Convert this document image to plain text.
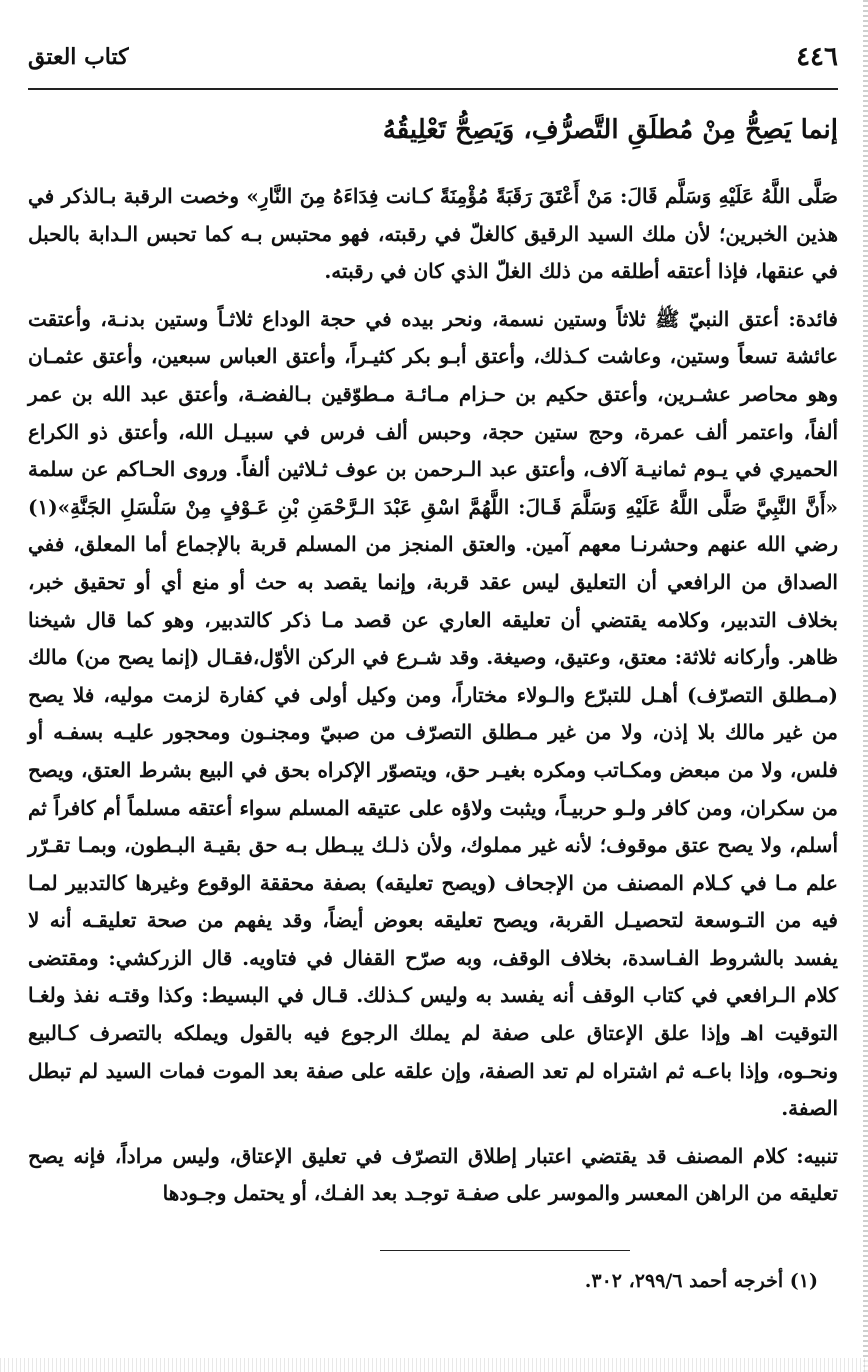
٤٤٦
كتاب العتق
إنما يَصِحُّ مِنْ مُطلَقِ التَّصرُّفِ، وَيَصِحُّ تَعْلِيقُهُ

صَلَّى اللَّهُ عَلَيْهِ وَسَلَّم قَالَ: مَنْ أَعْتَقَ رَقَبَةً مُؤْمِنَةً كـانت فِدَاءَهُ مِنَ النَّارِ» وخصت الرقبة بـالذكر في هذين الخبرين؛ لأن ملك السيد الرقيق كالغلّ في رقبته، فهو محتبس بـه كما تحبس الـدابة بالحبل في عنقها، فإذا أعتقه أطلقه من ذلك الغلّ الذي كان في رقبته.

فائدة: أعتق النبيّ ﷺ ثلاثاً وستين نسمة، ونحر بيده في حجة الوداع ثلاثـاً وستين بدنـة، وأعتقت عائشة تسعاً وستين، وعاشت كـذلك، وأعتق أبـو بكر كثيـراً، وأعتق العباس سبعين، وأعتق عثمـان وهو محاصر عشـرين، وأعتق حكيم بن حـزام مـائـة مـطوّقين بـالفضـة، وأعتق عبد الله بن عمر ألفاً، واعتمر ألف عمرة، وحج ستين حجة، وحبس ألف فرس في سبيـل الله، وأعتق ذو الكراع الحميري في يـوم ثمانيـة آلاف، وأعتق عبد الـرحمن بن عوف ثـلاثين ألفاً. وروى الحـاكم عن سلمة «أَنَّ النَّبِيَّ صَلَّى اللَّهُ عَلَيْهِ وَسَلَّمَ قَـالَ: اللَّهُمَّ اسْقِ عَبْدَ الـرَّحْمَنِ بْنِ عَـوْفٍ مِنْ سَلْسَلِ الجَنَّةِ»(١) رضي الله عنهم وحشرنـا معهم آمين. والعتق المنجز من المسلم قربة بالإجماع أما المعلق، ففي الصداق من الرافعي أن التعليق ليس عقد قربة، وإنما يقصد به حث أو منع أي أو تحقيق خبر، بخلاف التدبير، وكلامه يقتضي أن تعليقه العاري عن قصد مـا ذكر كالتدبير، وهو كما قال شيخنا ظاهر. وأركانه ثلاثة: معتق، وعتيق، وصيغة. وقد شـرع في الركن الأوّل،فقـال (إنما يصح من) مالك (مـطلق التصرّف) أهـل للتبرّع والـولاء مختاراً، ومن وكيل أولى في كفارة لزمت موليه، فلا يصح من غير مالك بلا إذن، ولا من غير مـطلق التصرّف من صبيّ ومجنـون ومحجور عليـه بسفـه أو فلس، ولا من مبعض ومكـاتب ومكره بغيـر حق، ويتصوّر الإكراه بحق في البيع بشرط العتق، ويصح من سكران، ومن كافر ولـو حربيـاً، ويثبت ولاؤه على عتيقه المسلم سواء أعتقه مسلماً أم كافراً ثم أسلم، ولا يصح عتق موقوف؛ لأنه غير مملوك، ولأن ذلـك يبـطل بـه حق بقيـة البـطون، وبمـا تقـرّر علم مـا في كـلام المصنف من الإجحاف (ويصح تعليقه) بصفة محققة الوقوع وغيرها كالتدبير لمـا فيه من التـوسعة لتحصيـل القربة، ويصح تعليقه بعوض أيضاً، وقد يفهم من صحة تعليقـه أنه لا يفسد بالشروط الفـاسدة، بخلاف الوقف، وبه صرّح القفال في فتاويه. قال الزركشي: ومقتضى كلام الـرافعي في كتاب الوقف أنه يفسد به وليس كـذلك. قـال في البسيط: وكذا وقتـه نفذ ولغـا التوقيت اهـ وإذا علق الإعتاق على صفة لم يملك الرجوع فيه بالقول ويملكه بالتصرف كـالبيع ونحـوه، وإذا باعـه ثم اشتراه لم تعد الصفة، وإن علقه على صفة بعد الموت فمات السيد لم تبطل الصفة.

تنبيه: كلام المصنف قد يقتضي اعتبار إطلاق التصرّف في تعليق الإعتاق، وليس مراداً، فإنه يصح تعليقه من الراهن المعسر والموسر على صفـة توجـد بعد الفـك، أو يحتمل وجـودها

(١) أخرجه أحمد ٢٩٩/٦، ٣٠٢.
